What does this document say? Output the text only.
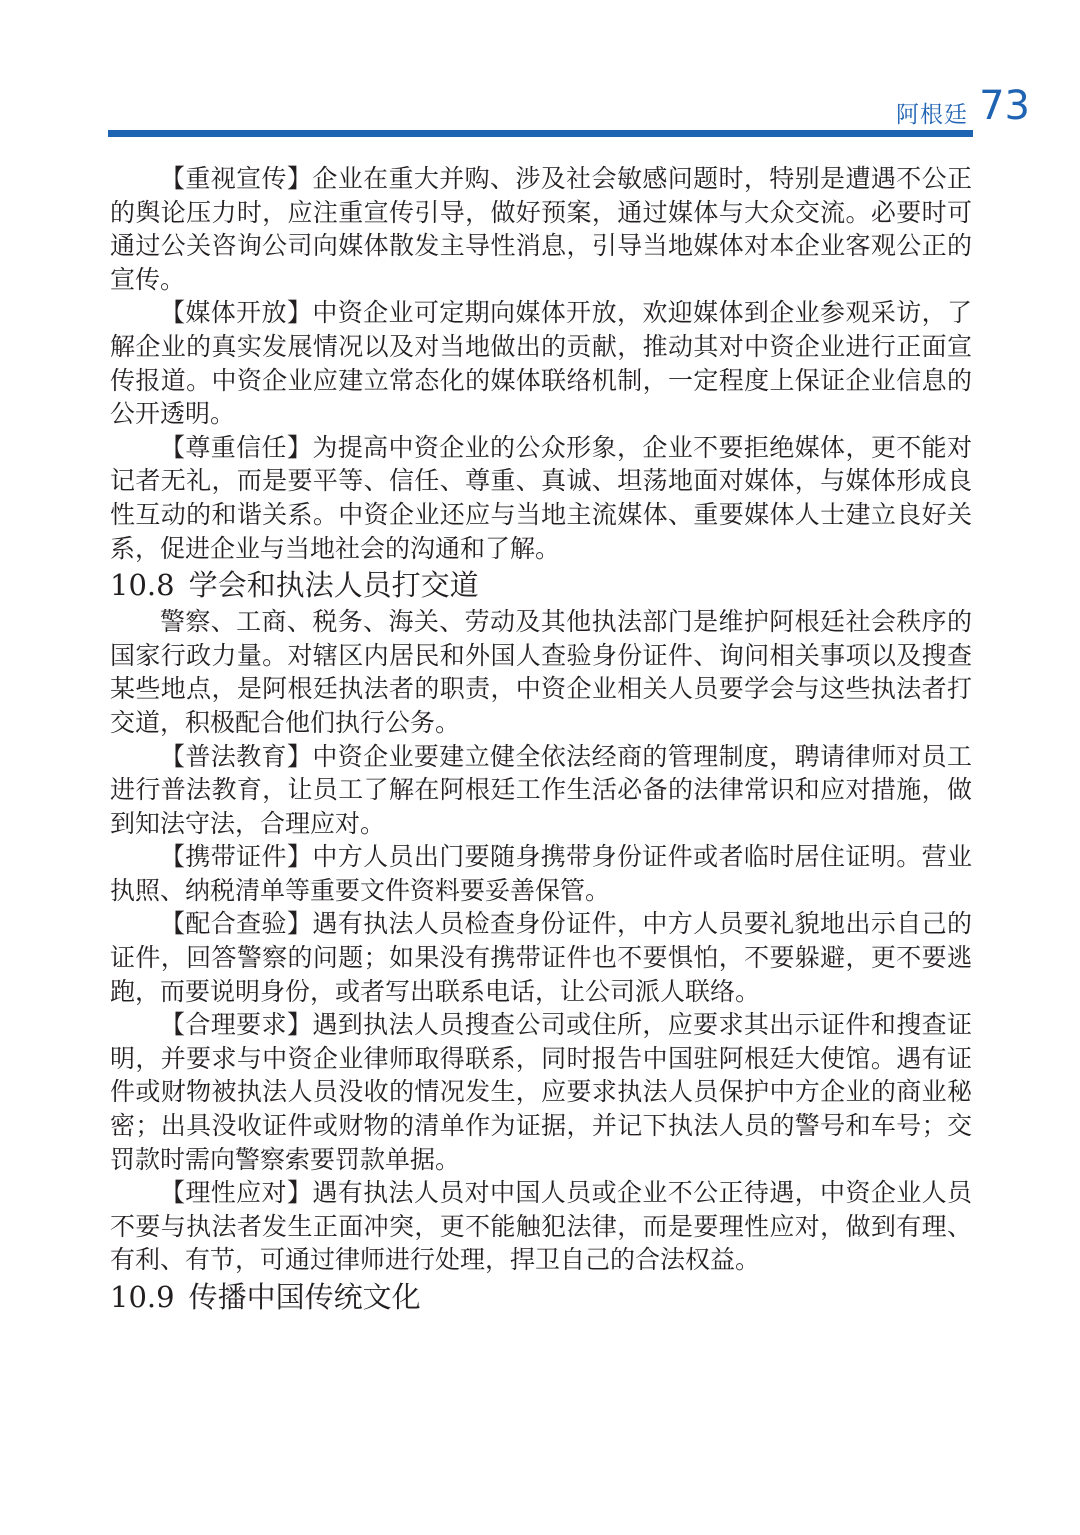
阿根廷 73

【重视宣传】企业在重大并购、涉及社会敏感问题时，特别是遭遇不公正的舆论压力时，应注重宣传引导，做好预案，通过媒体与大众交流。必要时可通过公关咨询公司向媒体散发主导性消息，引导当地媒体对本企业客观公正的宣传。

【媒体开放】中资企业可定期向媒体开放，欢迎媒体到企业参观采访，了解企业的真实发展情况以及对当地做出的贡献，推动其对中资企业进行正面宣传报道。中资企业应建立常态化的媒体联络机制，一定程度上保证企业信息的公开透明。

【尊重信任】为提高中资企业的公众形象，企业不要拒绝媒体，更不能对记者无礼，而是要平等、信任、尊重、真诚、坦荡地面对媒体，与媒体形成良性互动的和谐关系。中资企业还应与当地主流媒体、重要媒体人士建立良好关系，促进企业与当地社会的沟通和了解。

10.8 学会和执法人员打交道

警察、工商、税务、海关、劳动及其他执法部门是维护阿根廷社会秩序的国家行政力量。对辖区内居民和外国人查验身份证件、询问相关事项以及搜查某些地点，是阿根廷执法者的职责，中资企业相关人员要学会与这些执法者打交道，积极配合他们执行公务。

【普法教育】中资企业要建立健全依法经商的管理制度，聘请律师对员工进行普法教育，让员工了解在阿根廷工作生活必备的法律常识和应对措施，做到知法守法，合理应对。

【携带证件】中方人员出门要随身携带身份证件或者临时居住证明。营业执照、纳税清单等重要文件资料要妥善保管。

【配合查验】遇有执法人员检查身份证件，中方人员要礼貌地出示自己的证件，回答警察的问题；如果没有携带证件也不要惧怕，不要躲避，更不要逃跑，而要说明身份，或者写出联系电话，让公司派人联络。

【合理要求】遇到执法人员搜查公司或住所，应要求其出示证件和搜查证明，并要求与中资企业律师取得联系，同时报告中国驻阿根廷大使馆。遇有证件或财物被执法人员没收的情况发生，应要求执法人员保护中方企业的商业秘密；出具没收证件或财物的清单作为证据，并记下执法人员的警号和车号；交罚款时需向警察索要罚款单据。

【理性应对】遇有执法人员对中国人员或企业不公正待遇，中资企业人员不要与执法者发生正面冲突，更不能触犯法律，而是要理性应对，做到有理、有利、有节，可通过律师进行处理，捍卫自己的合法权益。

10.9 传播中国传统文化
